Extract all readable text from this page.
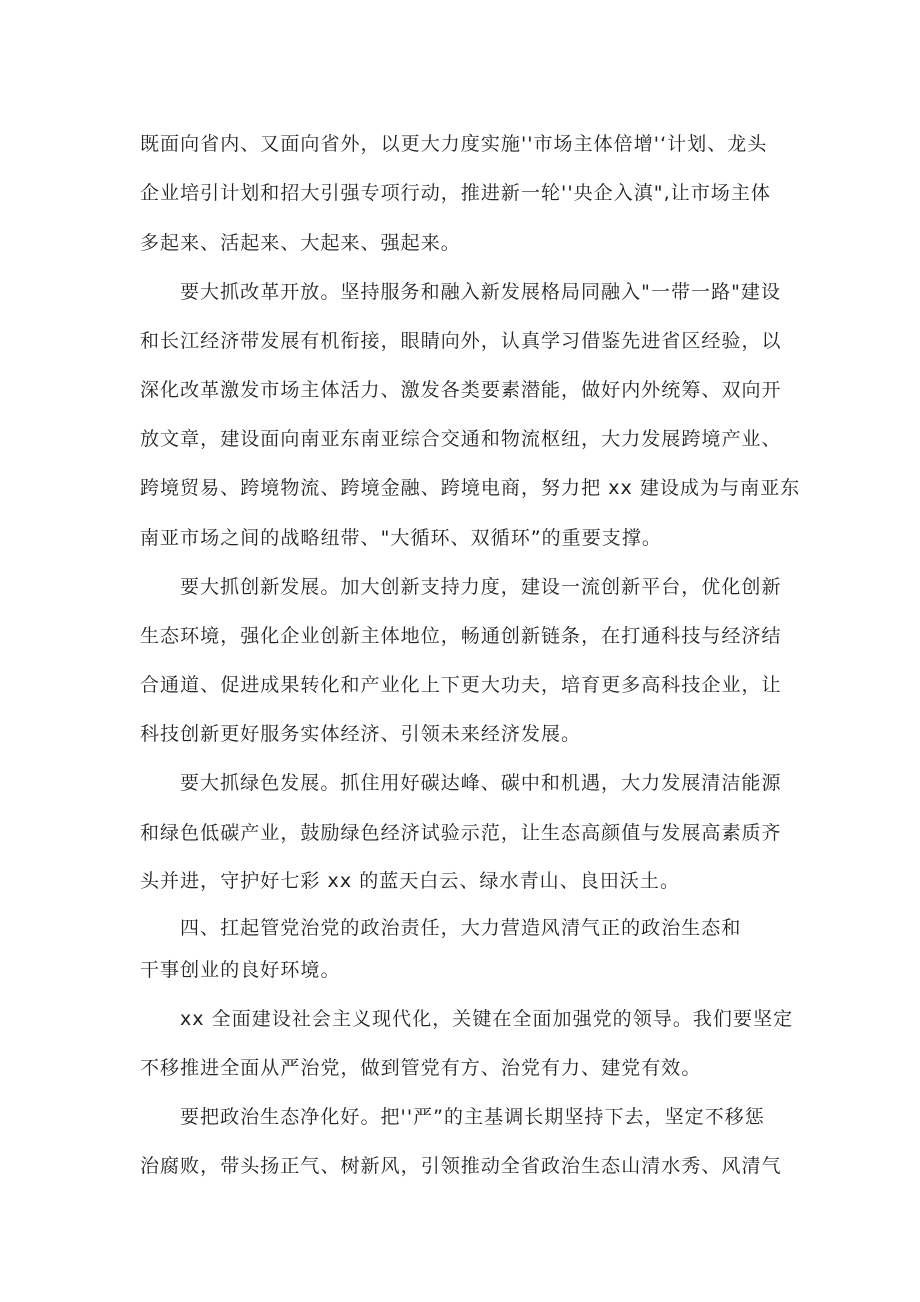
既面向省内、又面向省外，以更大力度实施''市场主体倍增'‘计划、龙头
企业培引计划和招大引强专项行动，推进新一轮''央企入滇",让市场主体
多起来、活起来、大起来、强起来。
要大抓改革开放。坚持服务和融入新发展格局同融入"一带一路"建设
和长江经济带发展有机衔接，眼睛向外，认真学习借鉴先进省区经验，以
深化改革激发市场主体活力、激发各类要素潜能，做好内外统筹、双向开
放文章，建设面向南亚东南亚综合交通和物流枢纽，大力发展跨境产业、
跨境贸易、跨境物流、跨境金融、跨境电商，努力把 xx 建设成为与南亚东
南亚市场之间的战略纽带、"大循环、双循环”的重要支撑。
要大抓创新发展。加大创新支持力度，建设一流创新平台，优化创新
生态环境，强化企业创新主体地位，畅通创新链条，在打通科技与经济结
合通道、促进成果转化和产业化上下更大功夫，培育更多高科技企业，让
科技创新更好服务实体经济、引领未来经济发展。
要大抓绿色发展。抓住用好碳达峰、碳中和机遇，大力发展清洁能源
和绿色低碳产业，鼓励绿色经济试验示范，让生态高颜值与发展高素质齐
头并进，守护好七彩 xx 的蓝天白云、绿水青山、良田沃土。
四、扛起管党治党的政治责任，大力营造风清气正的政治生态和
干事创业的良好环境。
xx 全面建设社会主义现代化，关键在全面加强党的领导。我们要坚定
不移推进全面从严治党，做到管党有方、治党有力、建党有效。
要把政治生态净化好。把''严”的主基调长期坚持下去，坚定不移惩
治腐败，带头扬正气、树新风，引领推动全省政治生态山清水秀、风清气
